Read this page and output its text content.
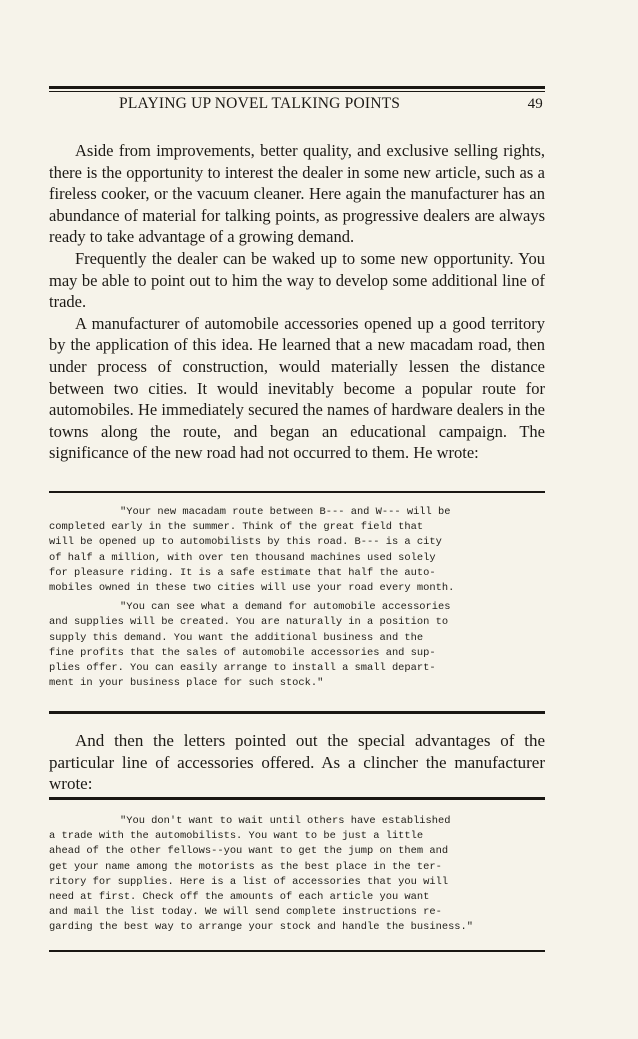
PLAYING UP NOVEL TALKING POINTS	49

Aside from improvements, better quality, and exclusive selling rights, there is the opportunity to interest the dealer in some new article, such as a fireless cooker, or the vacuum cleaner. Here again the manufacturer has an abundance of material for talking points, as progressive dealers are always ready to take advantage of a growing demand.

Frequently the dealer can be waked up to some new opportunity. You may be able to point out to him the way to develop some additional line of trade.

A manufacturer of automobile accessories opened up a good territory by the application of this idea. He learned that a new macadam road, then under process of construction, would materially lessen the distance between two cities. It would inevitably become a popular route for automobiles. He immediately secured the names of hardware dealers in the towns along the route, and began an educational campaign. The significance of the new road had not occurred to them. He wrote:

"Your new macadam route between B--- and W--- will be
completed early in the summer. Think of the great field that
will be opened up to automobilists by this road. B--- is a city
of half a million, with over ten thousand machines used solely
for pleasure riding. It is a safe estimate that half the auto-
mobiles owned in these two cities will use your road every month.
"You can see what a demand for automobile accessories
and supplies will be created. You are naturally in a position to
supply this demand. You want the additional business and the
fine profits that the sales of automobile accessories and sup-
plies offer. You can easily arrange to install a small depart-
ment in your business place for such stock."

And then the letters pointed out the special advantages of the particular line of accessories offered. As a clincher the manufacturer wrote:

"You don't want to wait until others have established
a trade with the automobilists. You want to be just a little
ahead of the other fellows--you want to get the jump on them and
get your name among the motorists as the best place in the ter-
ritory for supplies. Here is a list of accessories that you will
need at first. Check off the amounts of each article you want
and mail the list today. We will send complete instructions re-
garding the best way to arrange your stock and handle the business."
